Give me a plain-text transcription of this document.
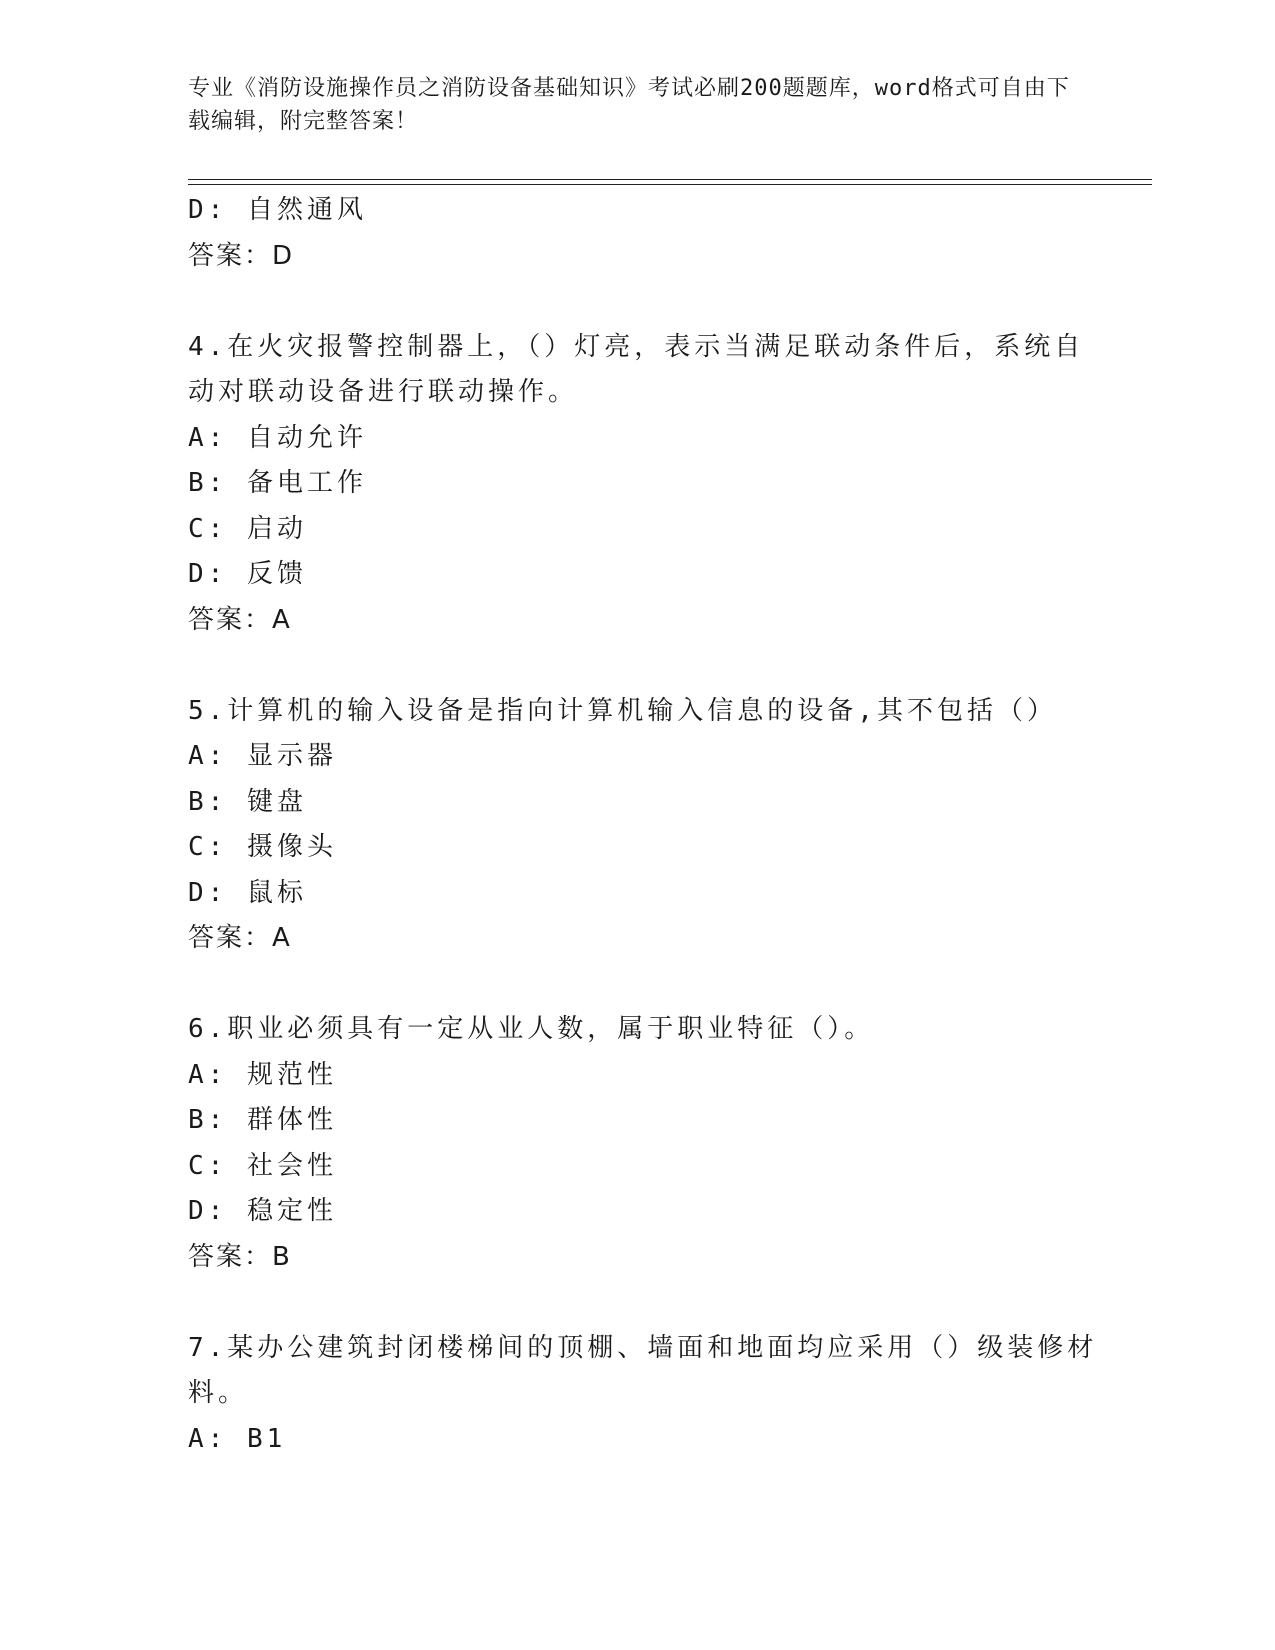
专业《消防设施操作员之消防设备基础知识》考试必刷200题题库，word格式可自由下载编辑，附完整答案！
D: 自然通风
答案：D
4.在火灾报警控制器上，（）灯亮，表示当满足联动条件后，系统自动对联动设备进行联动操作。
A: 自动允许
B: 备电工作
C: 启动
D: 反馈
答案：A
5.计算机的输入设备是指向计算机输入信息的设备,其不包括（）
A: 显示器
B: 键盘
C: 摄像头
D: 鼠标
答案：A
6.职业必须具有一定从业人数，属于职业特征（）。
A: 规范性
B: 群体性
C: 社会性
D: 稳定性
答案：B
7.某办公建筑封闭楼梯间的顶棚、墙面和地面均应采用（）级装修材料。
A: B1
